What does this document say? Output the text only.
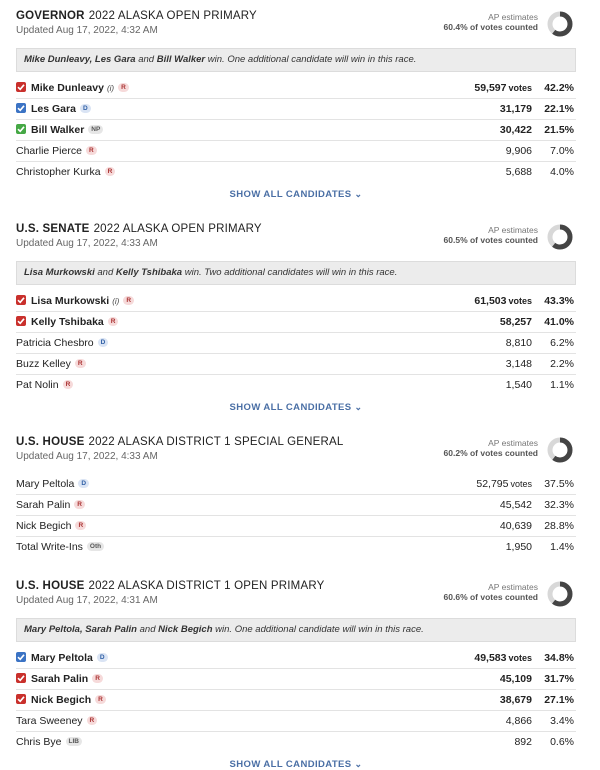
GOVERNOR 2022 ALASKA OPEN PRIMARY
Updated Aug 17, 2022, 4:32 AM
AP estimates
60.4% of votes counted
Mike Dunleavy, Les Gara and Bill Walker win. One additional candidate will win in this race.
Mike Dunleavy (i) R	59,597 votes 42.2%
Les Gara D	31,179 22.1%
Bill Walker NP	30,422 21.5%
Charlie Pierce R	9,906 7.0%
Christopher Kurka R	5,688 4.0%
SHOW ALL CANDIDATES ⌄
U.S. SENATE 2022 ALASKA OPEN PRIMARY
Updated Aug 17, 2022, 4:33 AM
AP estimates
60.5% of votes counted
Lisa Murkowski and Kelly Tshibaka win. Two additional candidates will win in this race.
Lisa Murkowski (i) R	61,503 votes 43.3%
Kelly Tshibaka R	58,257 41.0%
Patricia Chesbro D	8,810 6.2%
Buzz Kelley R	3,148 2.2%
Pat Nolin R	1,540 1.1%
SHOW ALL CANDIDATES ⌄
U.S. HOUSE 2022 ALASKA DISTRICT 1 SPECIAL GENERAL
Updated Aug 17, 2022, 4:33 AM
AP estimates
60.2% of votes counted
Mary Peltola D	52,795 votes 37.5%
Sarah Palin R	45,542 32.3%
Nick Begich R	40,639 28.8%
Total Write-Ins Oth	1,950 1.4%
U.S. HOUSE 2022 ALASKA DISTRICT 1 OPEN PRIMARY
Updated Aug 17, 2022, 4:31 AM
AP estimates
60.6% of votes counted
Mary Peltola, Sarah Palin and Nick Begich win. One additional candidate will win in this race.
Mary Peltola D	49,583 votes 34.8%
Sarah Palin R	45,109 31.7%
Nick Begich R	38,679 27.1%
Tara Sweeney R	4,866 3.4%
Chris Bye LIB	892 0.6%
SHOW ALL CANDIDATES ⌄
